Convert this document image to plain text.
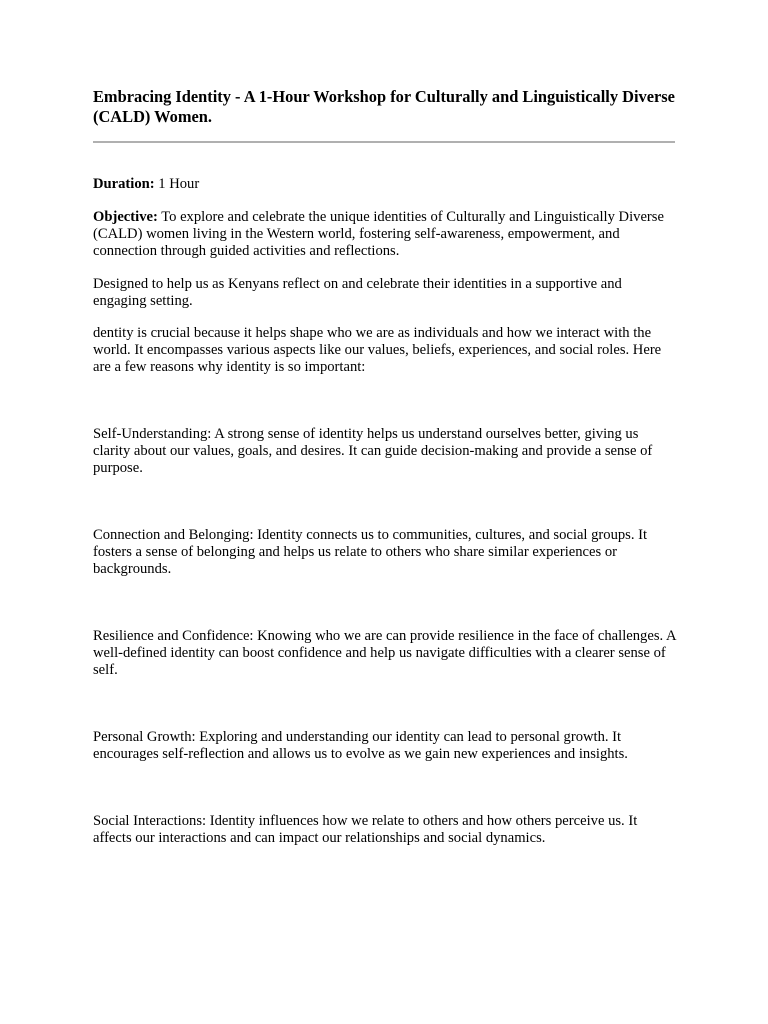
Embracing Identity - A 1-Hour Workshop for Culturally and Linguistically Diverse (CALD) Women.

Duration: 1 Hour

Objective: To explore and celebrate the unique identities of Culturally and Linguistically Diverse (CALD) women living in the Western world, fostering self-awareness, empowerment, and connection through guided activities and reflections.

Designed to help us as Kenyans reflect on and celebrate their identities in a supportive and engaging setting.

dentity is crucial because it helps shape who we are as individuals and how we interact with the world. It encompasses various aspects like our values, beliefs, experiences, and social roles. Here are a few reasons why identity is so important:

Self-Understanding: A strong sense of identity helps us understand ourselves better, giving us clarity about our values, goals, and desires. It can guide decision-making and provide a sense of purpose.

Connection and Belonging: Identity connects us to communities, cultures, and social groups. It fosters a sense of belonging and helps us relate to others who share similar experiences or backgrounds.

Resilience and Confidence: Knowing who we are can provide resilience in the face of challenges. A well-defined identity can boost confidence and help us navigate difficulties with a clearer sense of self.

Personal Growth: Exploring and understanding our identity can lead to personal growth. It encourages self-reflection and allows us to evolve as we gain new experiences and insights.

Social Interactions: Identity influences how we relate to others and how others perceive us. It affects our interactions and can impact our relationships and social dynamics.
